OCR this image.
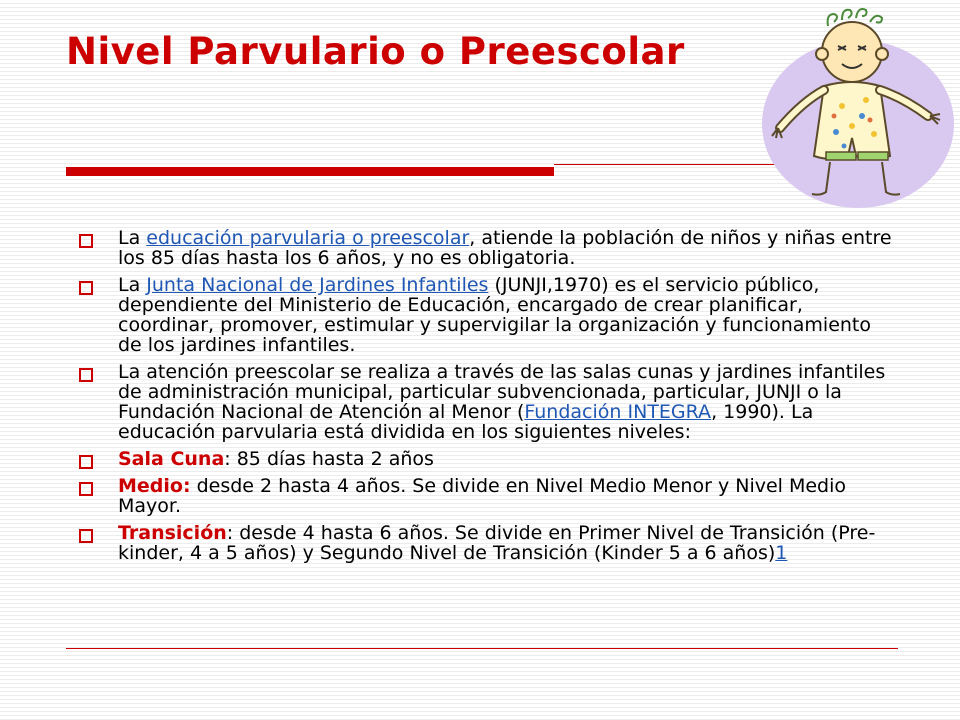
Nivel Parvulario o Preescolar
La educación parvularia o preescolar, atiende la población de niños y niñas entre los 85 días hasta los 6 años, y no es obligatoria.
La Junta Nacional de Jardines Infantiles (JUNJI,1970) es el servicio público, dependiente del Ministerio de Educación, encargado de crear planificar, coordinar, promover, estimular y supervigilar la organización y funcionamiento de los jardines infantiles.
La atención preescolar se realiza a través de las salas cunas y jardines infantiles de administración municipal, particular subvencionada, particular, JUNJI o la Fundación Nacional de Atención al Menor (Fundación INTEGRA, 1990). La educación parvularia está dividida en los siguientes niveles:
Sala Cuna: 85 días hasta 2 años
Medio: desde 2 hasta 4 años. Se divide en Nivel Medio Menor y Nivel Medio Mayor.
Transición: desde 4 hasta 6 años. Se divide en Primer Nivel de Transición (Pre-kinder, 4 a 5 años) y Segundo Nivel de Transición (Kinder 5 a 6 años)1
